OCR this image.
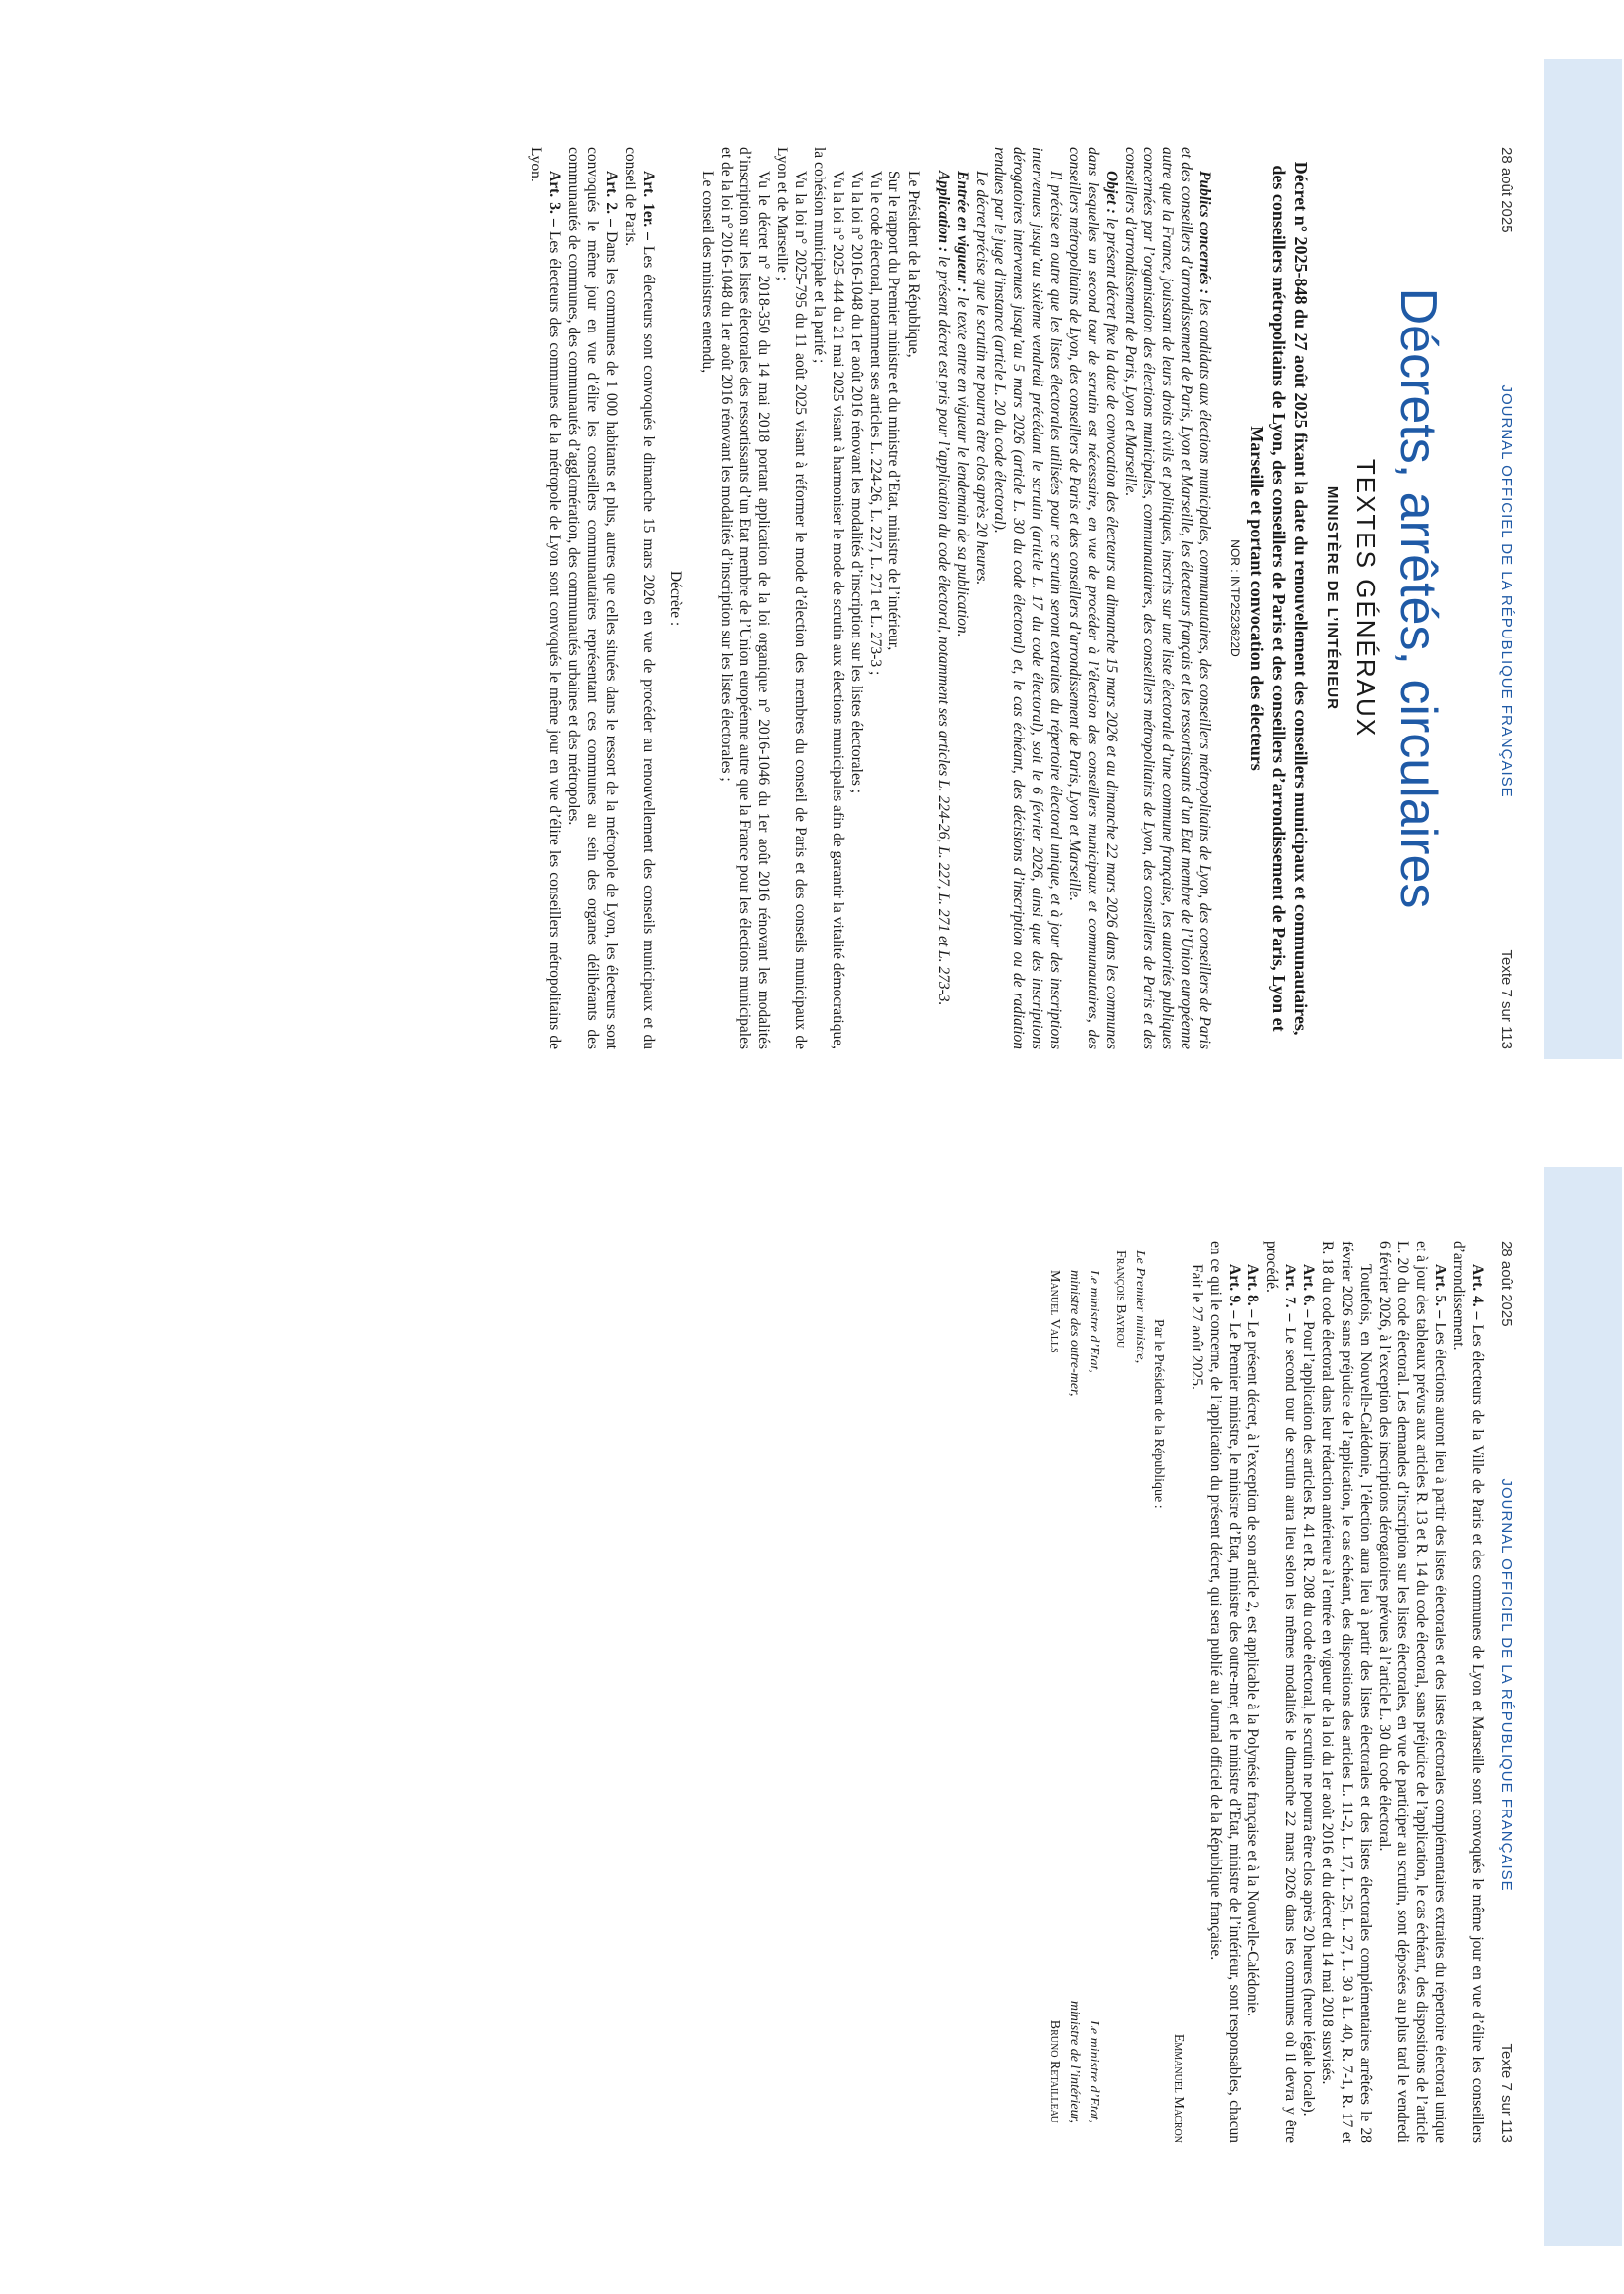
28 août 2025
JOURNAL OFFICIEL DE LA RÉPUBLIQUE FRANÇAISE
Texte 7 sur 113
Décrets, arrêtés, circulaires
TEXTES GÉNÉRAUX
MINISTÈRE DE L’INTÉRIEUR
Décret n° 2025-848 du 27 août 2025 fixant la date du renouvellement des conseillers municipaux et communautaires, des conseillers métropolitains de Lyon, des conseillers de Paris et des conseillers d’arrondissement de Paris, Lyon et Marseille et portant convocation des électeurs
NOR : INTP2523622D

Publics concernés : les candidats aux élections municipales, communautaires, des conseillers métropolitains de Lyon, des conseillers de Paris et des conseillers d’arrondissement de Paris, Lyon et Marseille, les électeurs français et les ressortissants d’un Etat membre de l’Union européenne autre que la France, jouissant de leurs droits civils et politiques, inscrits sur une liste électorale d’une commune française, les autorités publiques concernées par l’organisation des élections municipales, communautaires, des conseillers métropolitains de Lyon, des conseillers de Paris et des conseillers d’arrondissement de Paris, Lyon et Marseille.

Objet : le présent décret fixe la date de convocation des électeurs au dimanche 15 mars 2026 et au dimanche 22 mars 2026 dans les communes dans lesquelles un second tour de scrutin est nécessaire, en vue de procéder à l’élection des conseillers municipaux et communautaires, des conseillers métropolitains de Lyon, des conseillers de Paris et des conseillers d’arrondissement de Paris, Lyon et Marseille.

Il précise en outre que les listes électorales utilisées pour ce scrutin seront extraites du répertoire électoral unique, et à jour des inscriptions intervenues jusqu’au sixième vendredi précédant le scrutin (article L. 17 du code électoral), soit le 6 février 2026, ainsi que des inscriptions dérogatoires intervenues jusqu’au 5 mars 2026 (article L. 30 du code électoral) et, le cas échéant, des décisions d’inscription ou de radiation rendues par le juge d’instance (article L. 20 du code électoral).

Le décret précise que le scrutin ne pourra être clos après 20 heures.

Entrée en vigueur : le texte entre en vigueur le lendemain de sa publication.

Application : le présent décret est pris pour l’application du code électoral, notamment ses articles L. 224-26, L. 227, L. 271 et L. 273-3.

Le Président de la République,

Sur le rapport du Premier ministre et du ministre d’Etat, ministre de l’intérieur,

Vu le code électoral, notamment ses articles L. 224-26, L. 227, L. 271 et L. 273-3 ;

Vu la loi n° 2016-1048 du 1er août 2016 rénovant les modalités d’inscription sur les listes électorales ;

Vu la loi n° 2025-444 du 21 mai 2025 visant à harmoniser le mode de scrutin aux élections municipales afin de garantir la vitalité démocratique, la cohésion municipale et la parité ;

Vu la loi n° 2025-795 du 11 août 2025 visant à réformer le mode d’élection des membres du conseil de Paris et des conseils municipaux de Lyon et de Marseille ;

Vu le décret n° 2018-350 du 14 mai 2018 portant application de la loi organique n° 2016-1046 du 1er août 2016 rénovant les modalités d’inscription sur les listes électorales des ressortissants d’un Etat membre de l’Union européenne autre que la France pour les élections municipales et de la loi n° 2016-1048 du 1er août 2016 rénovant les modalités d’inscription sur les listes électorales ;

Le conseil des ministres entendu,

Décrète :

Art. 1er. – Les électeurs sont convoqués le dimanche 15 mars 2026 en vue de procéder au renouvellement des conseils municipaux et du conseil de Paris.

Art. 2. – Dans les communes de 1 000 habitants et plus, autres que celles situées dans le ressort de la métropole de Lyon, les électeurs sont convoqués le même jour en vue d’élire les conseillers communautaires représentant ces communes au sein des organes délibérants des communautés de communes, des communautés d’agglomération, des communautés urbaines et des métropoles.

Art. 3. – Les électeurs des communes de la métropole de Lyon sont convoqués le même jour en vue d’élire les conseillers métropolitains de Lyon.

28 août 2025
JOURNAL OFFICIEL DE LA RÉPUBLIQUE FRANÇAISE
Texte 7 sur 113

Art. 4. – Les électeurs de la Ville de Paris et des communes de Lyon et Marseille sont convoqués le même jour en vue d’élire les conseillers d’arrondissement.

Art. 5. – Les élections auront lieu à partir des listes électorales et des listes électorales complémentaires extraites du répertoire électoral unique et à jour des tableaux prévus aux articles R. 13 et R. 14 du code électoral, sans préjudice de l’application, le cas échéant, des dispositions de l’article L. 20 du code électoral. Les demandes d’inscription sur les listes électorales, en vue de participer au scrutin, sont déposées au plus tard le vendredi 6 février 2026, à l’exception des inscriptions dérogatoires prévues à l’article L. 30 du code électoral.

Toutefois, en Nouvelle-Calédonie, l’élection aura lieu à partir des listes électorales et des listes électorales complémentaires arrêtées le 28 février 2026 sans préjudice de l’application, le cas échéant, des dispositions des articles L. 11-2, L. 17, L. 25, L. 27, L. 30 à L. 40, R. 7-1, R. 17 et R. 18 du code électoral dans leur rédaction antérieure à l’entrée en vigueur de la loi du 1er août 2016 et du décret du 14 mai 2018 susvisés.

Art. 6. – Pour l’application des articles R. 41 et R. 208 du code électoral, le scrutin ne pourra être clos après 20 heures (heure légale locale).

Art. 7. – Le second tour de scrutin aura lieu selon les mêmes modalités le dimanche 22 mars 2026 dans les communes où il devra y être procédé.

Art. 8. – Le présent décret, à l’exception de son article 2, est applicable à la Polynésie française et à la Nouvelle-Calédonie.

Art. 9. – Le Premier ministre, le ministre d’Etat, ministre des outre-mer, et le ministre d’Etat, ministre de l’intérieur, sont responsables, chacun en ce qui le concerne, de l’application du présent décret, qui sera publié au Journal officiel de la République française.

Fait le 27 août 2025.

Emmanuel Macron
Par le Président de la République :
Le Premier ministre,
François Bayrou
Le ministre d’Etat,
ministre des outre-mer,
Manuel Valls
Le ministre d’Etat,
ministre de l’intérieur,
Bruno Retailleau
